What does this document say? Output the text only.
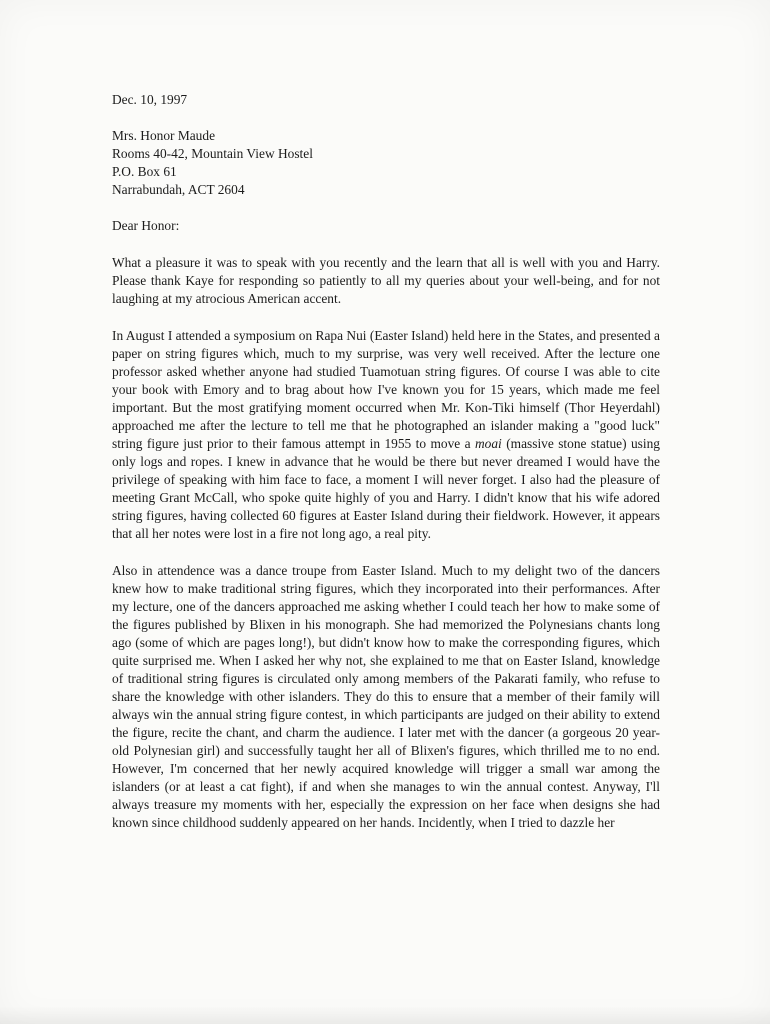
Dec. 10, 1997
Mrs. Honor Maude
Rooms 40-42, Mountain View Hostel
P.O. Box 61
Narrabundah, ACT 2604
Dear Honor:

What a pleasure it was to speak with you recently and the learn that all is well with you and Harry. Please thank Kaye for responding so patiently to all my queries about your well-being, and for not laughing at my atrocious American accent.

In August I attended a symposium on Rapa Nui (Easter Island) held here in the States, and presented a paper on string figures which, much to my surprise, was very well received. After the lecture one professor asked whether anyone had studied Tuamotuan string figures. Of course I was able to cite your book with Emory and to brag about how I've known you for 15 years, which made me feel important. But the most gratifying moment occurred when Mr. Kon-Tiki himself (Thor Heyerdahl) approached me after the lecture to tell me that he photographed an islander making a "good luck" string figure just prior to their famous attempt in 1955 to move a moai (massive stone statue) using only logs and ropes. I knew in advance that he would be there but never dreamed I would have the privilege of speaking with him face to face, a moment I will never forget. I also had the pleasure of meeting Grant McCall, who spoke quite highly of you and Harry. I didn't know that his wife adored string figures, having collected 60 figures at Easter Island during their fieldwork. However, it appears that all her notes were lost in a fire not long ago, a real pity.

Also in attendence was a dance troupe from Easter Island. Much to my delight two of the dancers knew how to make traditional string figures, which they incorporated into their performances. After my lecture, one of the dancers approached me asking whether I could teach her how to make some of the figures published by Blixen in his monograph. She had memorized the Polynesians chants long ago (some of which are pages long!), but didn't know how to make the corresponding figures, which quite surprised me. When I asked her why not, she explained to me that on Easter Island, knowledge of traditional string figures is circulated only among members of the Pakarati family, who refuse to share the knowledge with other islanders. They do this to ensure that a member of their family will always win the annual string figure contest, in which participants are judged on their ability to extend the figure, recite the chant, and charm the audience. I later met with the dancer (a gorgeous 20 year-old Polynesian girl) and successfully taught her all of Blixen's figures, which thrilled me to no end. However, I'm concerned that her newly acquired knowledge will trigger a small war among the islanders (or at least a cat fight), if and when she manages to win the annual contest. Anyway, I'll always treasure my moments with her, especially the expression on her face when designs she had known since childhood suddenly appeared on her hands. Incidently, when I tried to dazzle her
